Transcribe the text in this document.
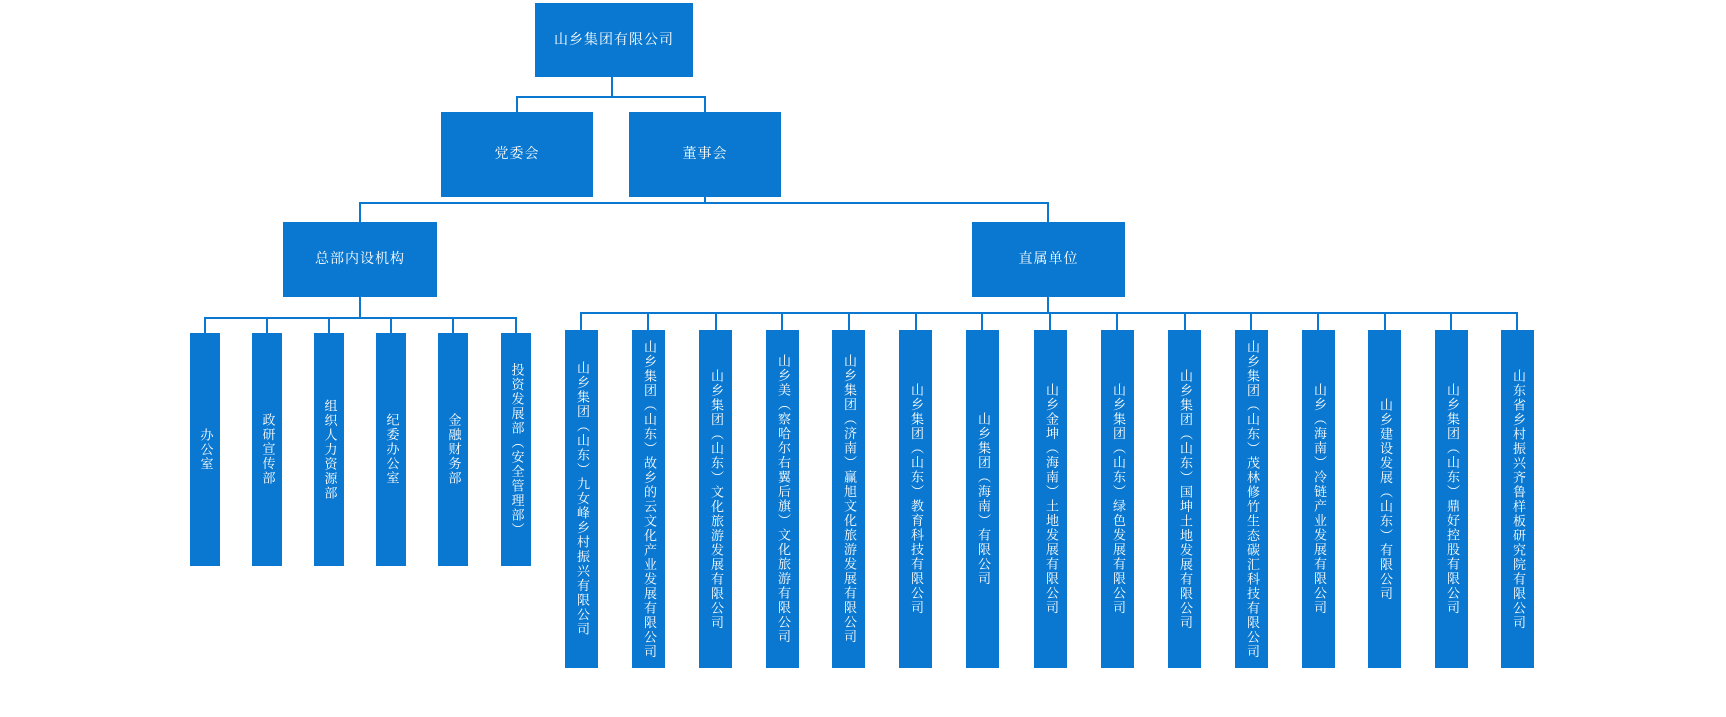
山乡集团有限公司
党委会	董事会
总部内设机构	直属单位
办公室	政研宣传部	组织人力资源部	纪委办公室	金融财务部	投资发展部（安全管理部）	山乡集团（山东）九女峰乡村振兴有限公司	山乡集团（山东）故乡的云文化产业发展有限公司	山乡集团（山东）文化旅游发展有限公司	山乡美（察哈尔右翼后旗）文化旅游有限公司	山乡集团（济南）赢旭文化旅游发展有限公司	山乡集团（山东）教育科技有限公司	山乡集团（海南）有限公司	山乡金坤（海南）土地发展有限公司	山乡集团（山东）绿色发展有限公司	山乡集团（山东）国坤土地发展有限公司	山乡集团（山东）茂林修竹生态碳汇科技有限公司	山乡（海南）冷链产业发展有限公司	山乡建设发展（山东）有限公司	山乡集团（山东）鼎好控股有限公司	山东省乡村振兴齐鲁样板研究院有限公司
